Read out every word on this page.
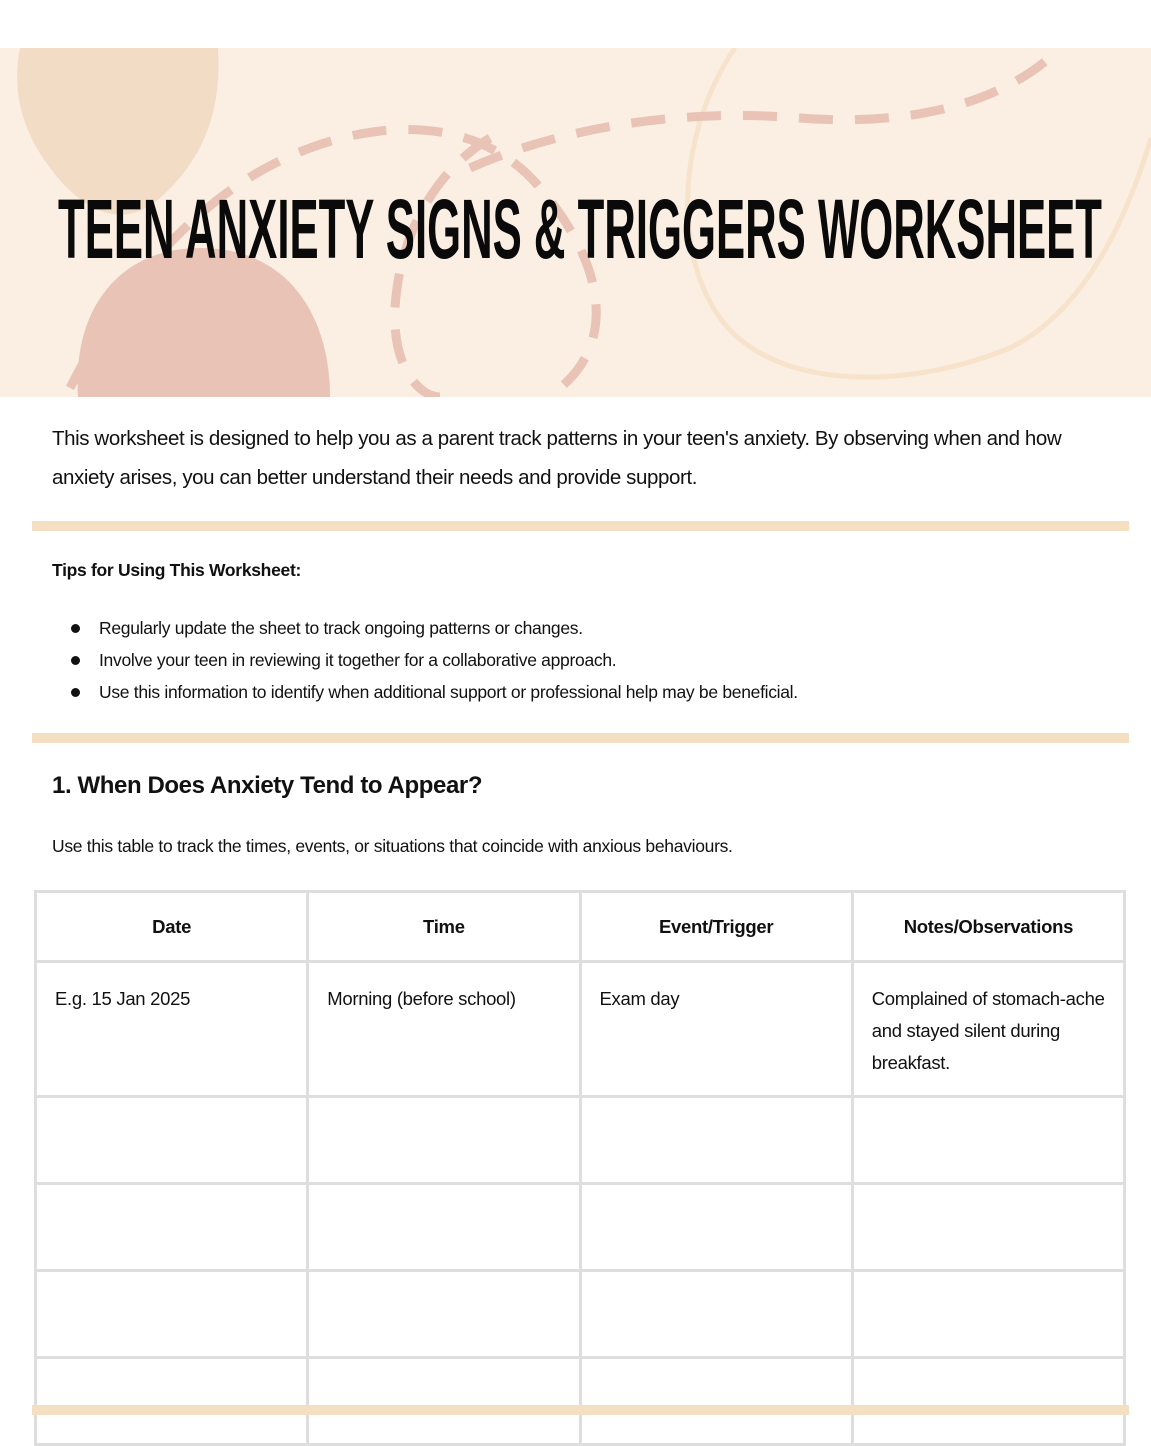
TEEN ANXIETY SIGNS & TRIGGERS WORKSHEET
This worksheet is designed to help you as a parent track patterns in your teen's anxiety. By observing when and how anxiety arises, you can better understand their needs and provide support.
Tips for Using This Worksheet:
Regularly update the sheet to track ongoing patterns or changes.
Involve your teen in reviewing it together for a collaborative approach.
Use this information to identify when additional support or professional help may be beneficial.
1. When Does Anxiety Tend to Appear?
Use this table to track the times, events, or situations that coincide with anxious behaviours.
Date	Time	Event/Trigger	Notes/Observations
E.g. 15 Jan 2025	Morning (before school)	Exam day	Complained of stomach-ache and stayed silent during breakfast.
